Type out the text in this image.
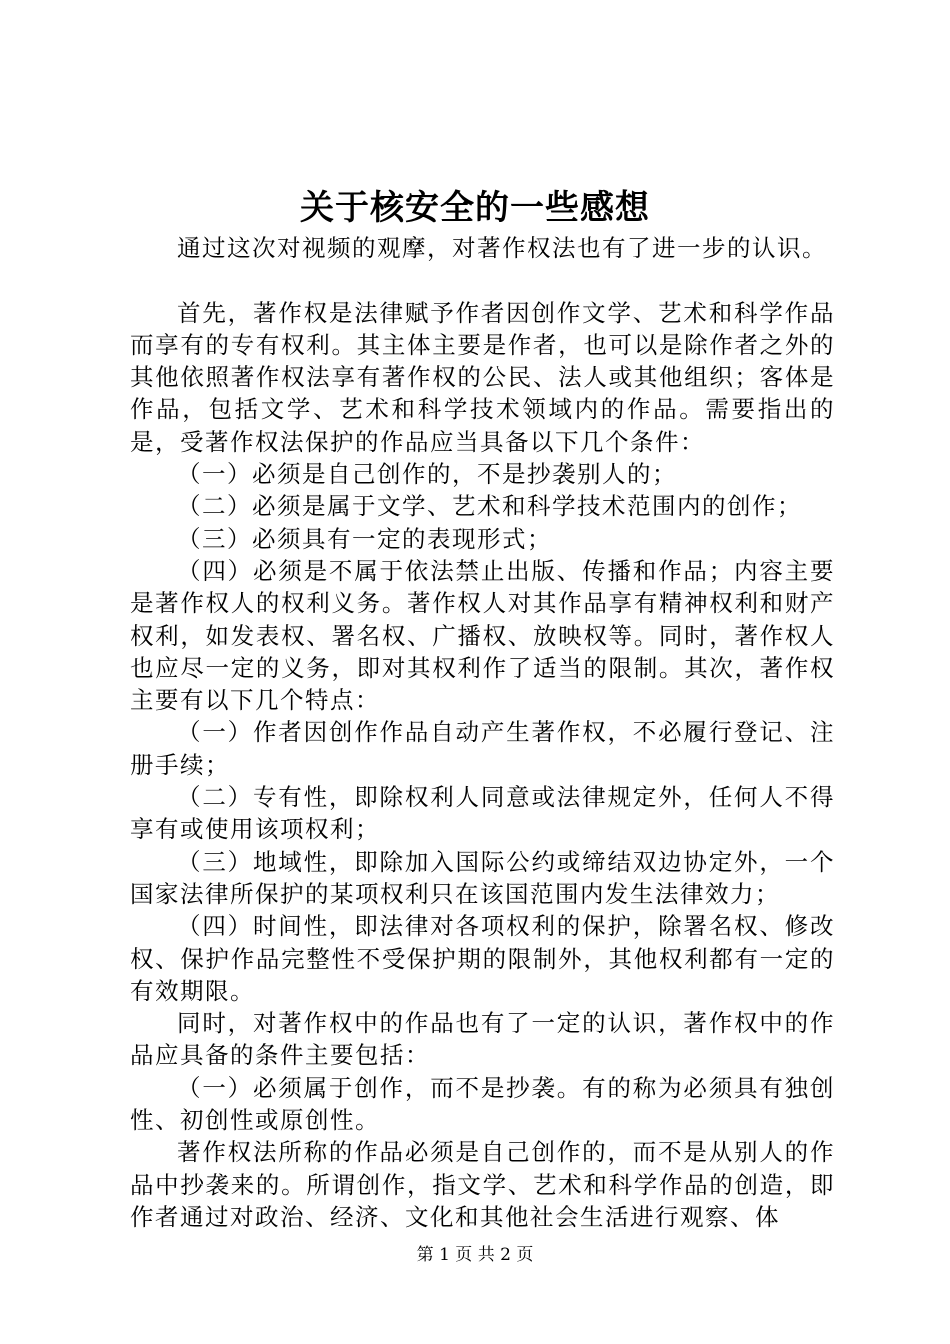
关于核安全的一些感想

通过这次对视频的观摩，对著作权法也有了进一步的认识。

首先，著作权是法律赋予作者因创作文学、艺术和科学作品而享有的专有权利。其主体主要是作者，也可以是除作者之外的其他依照著作权法享有著作权的公民、法人或其他组织；客体是作品，包括文学、艺术和科学技术领域内的作品。需要指出的是，受著作权法保护的作品应当具备以下几个条件：

（一）必须是自己创作的，不是抄袭别人的；

（二）必须是属于文学、艺术和科学技术范围内的创作；

（三）必须具有一定的表现形式；

（四）必须是不属于依法禁止出版、传播和作品；内容主要是著作权人的权利义务。著作权人对其作品享有精神权利和财产权利，如发表权、署名权、广播权、放映权等。同时，著作权人也应尽一定的义务，即对其权利作了适当的限制。其次，著作权主要有以下几个特点：

（一）作者因创作作品自动产生著作权，不必履行登记、注册手续；

（二）专有性，即除权利人同意或法律规定外，任何人不得享有或使用该项权利；

（三）地域性，即除加入国际公约或缔结双边协定外，一个国家法律所保护的某项权利只在该国范围内发生法律效力；

（四）时间性，即法律对各项权利的保护，除署名权、修改权、保护作品完整性不受保护期的限制外，其他权利都有一定的有效期限。

同时，对著作权中的作品也有了一定的认识，著作权中的作品应具备的条件主要包括：

（一）必须属于创作，而不是抄袭。有的称为必须具有独创性、初创性或原创性。

著作权法所称的作品必须是自己创作的，而不是从别人的作品中抄袭来的。所谓创作，指文学、艺术和科学作品的创造，即作者通过对政治、经济、文化和其他社会生活进行观察、体

第 1 页 共 2 页
